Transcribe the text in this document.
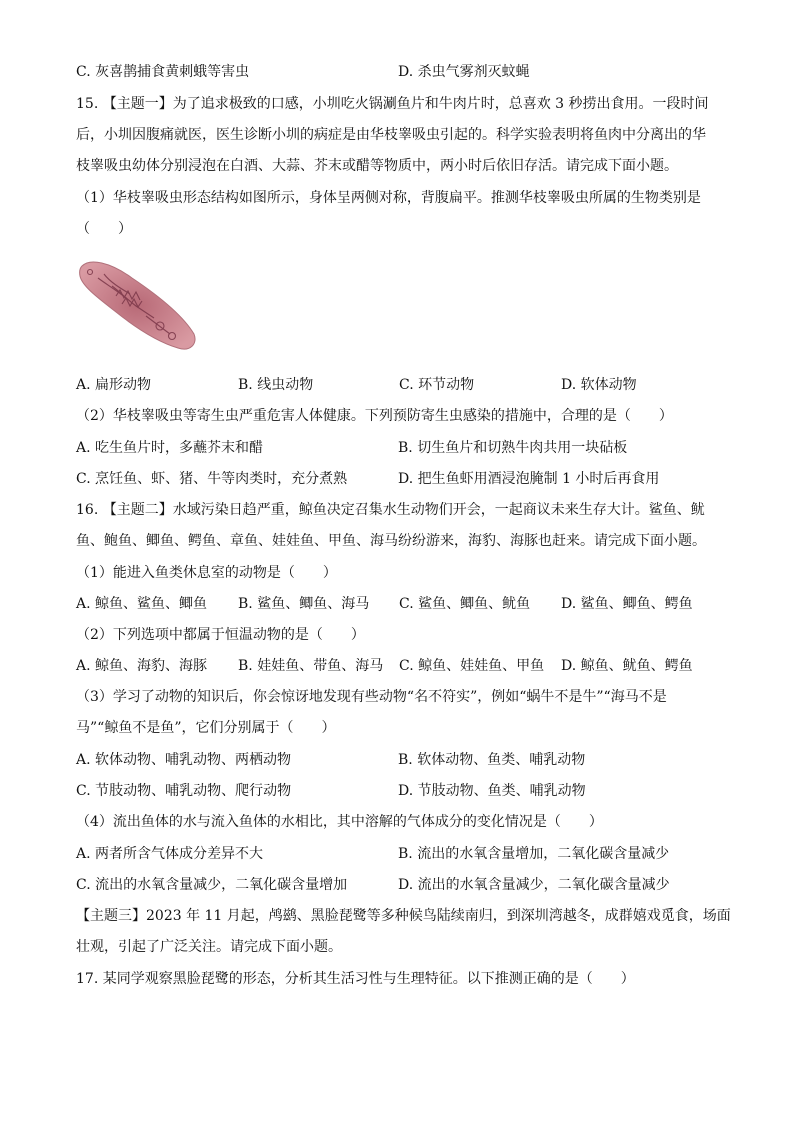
C. 灰喜鹊捕食黄刺蛾等害虫	D. 杀虫气雾剂灭蚊蝇
15. 【主题一】为了追求极致的口感，小圳吃火锅涮鱼片和牛肉片时，总喜欢 3 秒捞出食用。一段时间
后，小圳因腹痛就医，医生诊断小圳的病症是由华枝睾吸虫引起的。科学实验表明将鱼肉中分离出的华
枝睾吸虫幼体分别浸泡在白酒、大蒜、芥末或醋等物质中，两小时后依旧存活。请完成下面小题。
（1）华枝睾吸虫形态结构如图所示，身体呈两侧对称，背腹扁平。推测华枝睾吸虫所属的生物类别是
（　　）
A. 扁形动物	B. 线虫动物	C. 环节动物	D. 软体动物
（2）华枝睾吸虫等寄生虫严重危害人体健康。下列预防寄生虫感染的措施中，合理的是（　　）
A. 吃生鱼片时，多蘸芥末和醋	B. 切生鱼片和切熟牛肉共用一块砧板
C. 烹饪鱼、虾、猪、牛等肉类时，充分煮熟	D. 把生鱼虾用酒浸泡腌制 1 小时后再食用
16. 【主题二】水域污染日趋严重，鲸鱼决定召集水生动物们开会，一起商议未来生存大计。鲨鱼、鱿
鱼、鲍鱼、鲫鱼、鳄鱼、章鱼、娃娃鱼、甲鱼、海马纷纷游来，海豹、海豚也赶来。请完成下面小题。
（1）能进入鱼类休息室的动物是（　　）
A. 鲸鱼、鲨鱼、鲫鱼 B. 鲨鱼、鲫鱼、海马 C. 鲨鱼、鲫鱼、鱿鱼 D. 鲨鱼、鲫鱼、鳄鱼
（2）下列选项中都属于恒温动物的是（　　）
A. 鲸鱼、海豹、海豚 B. 娃娃鱼、带鱼、海马 C. 鲸鱼、娃娃鱼、甲鱼 D. 鲸鱼、鱿鱼、鳄鱼
（3）学习了动物的知识后，你会惊讶地发现有些动物“名不符实”，例如“蜗牛不是牛”“海马不是
马”“鲸鱼不是鱼”，它们分别属于（　　）
A. 软体动物、哺乳动物、两栖动物	B. 软体动物、鱼类、哺乳动物
C. 节肢动物、哺乳动物、爬行动物	D. 节肢动物、鱼类、哺乳动物
（4）流出鱼体的水与流入鱼体的水相比，其中溶解的气体成分的变化情况是（　　）
A. 两者所含气体成分差异不大	B. 流出的水氧含量增加，二氧化碳含量减少
C. 流出的水氧含量减少，二氧化碳含量增加	D. 流出的水氧含量减少，二氧化碳含量减少
【主题三】2023 年 11 月起，鸬鹚、黑脸琵鹭等多种候鸟陆续南归，到深圳湾越冬，成群嬉戏觅食，场面
壮观，引起了广泛关注。请完成下面小题。
17. 某同学观察黑脸琵鹭的形态，分析其生活习性与生理特征。以下推测正确的是（　　）
